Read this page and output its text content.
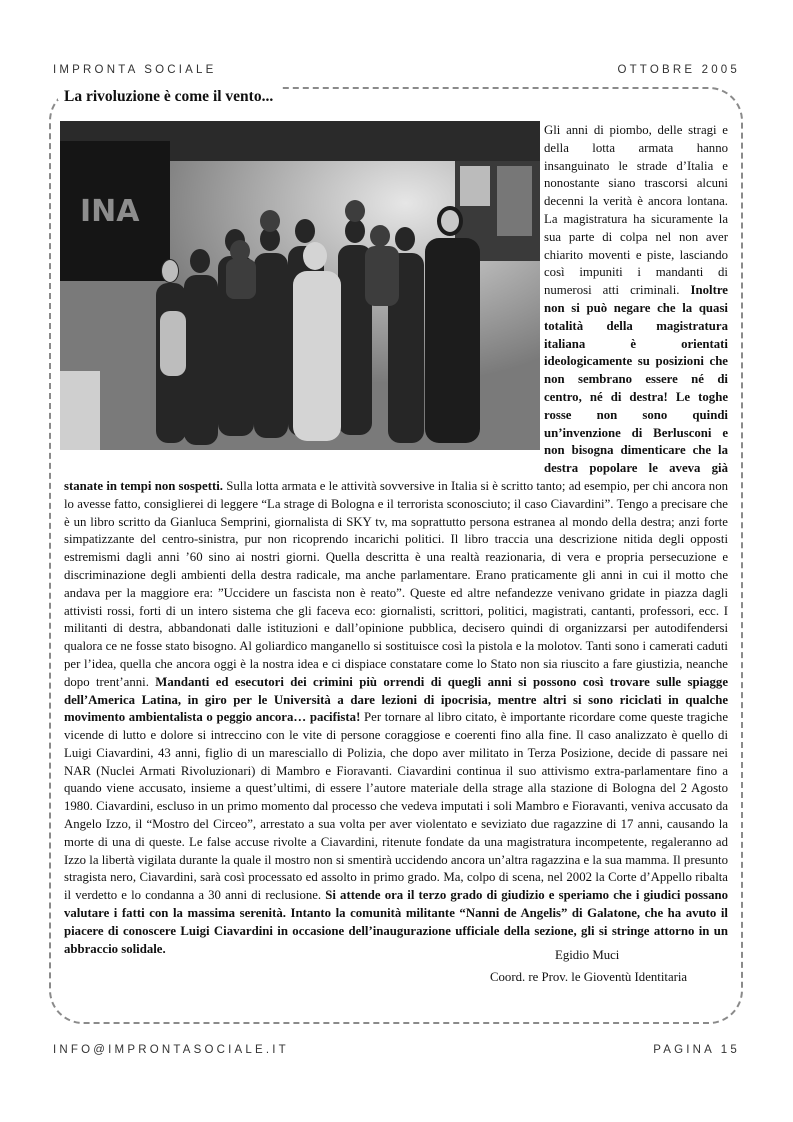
IMPRONTA SOCIALE	OTTOBRE 2005
La rivoluzione è come il vento...
INA
Gli anni di piombo, delle stragi e della lotta armata hanno insanguinato le strade d’Italia e nonostante siano trascorsi alcuni decenni la verità è ancora lontana. La magistratura ha sicuramente la sua parte di colpa nel non aver chiarito moventi e piste, lasciando così impuniti i mandanti di numerosi atti criminali. Inoltre non si può negare che la quasi totalità della magistratura italiana è orientati ideologicamente su posizioni che non sembrano essere né di centro, né di destra! Le toghe rosse non sono quindi un’invenzione di Berlusconi e non bisogna dimenticare che la destra popolare le aveva già stanate in tempi non sospetti. Sulla lotta armata e le attività sovversive in Italia si è scritto tanto; ad esempio, per chi ancora non lo avesse fatto, consiglierei di leggere “La strage di Bologna e il terrorista sconosciuto; il caso Ciavardini”. Tengo a precisare che è un libro scritto da Gianluca Semprini, giornalista di SKY tv, ma soprattutto persona estranea al mondo della destra; anzi forte simpatizzante del centro-sinistra, pur non ricoprendo incarichi politici. Il libro traccia una descrizione nitida degli opposti estremismi dagli anni ’60 sino ai nostri giorni. Quella descritta è una realtà reazionaria, di vera e propria persecuzione e discriminazione degli ambienti della destra radicale, ma anche parlamentare. Erano praticamente gli anni in cui il motto che andava per la maggiore era: ”Uccidere un fascista non è reato”. Queste ed altre nefandezze venivano gridate in piazza dagli attivisti rossi, forti di un intero sistema che gli faceva eco: giornalisti, scrittori, politici, magistrati, cantanti, professori, ecc. I militanti di destra, abbandonati dalle istituzioni e dall’opinione pubblica, decisero quindi di organizzarsi per autodifendersi qualora ce ne fosse stato bisogno. Al goliardico manganello si sostituisce così la pistola e la molotov. Tanti sono i camerati caduti per l’idea, quella che ancora oggi è la nostra idea e ci dispiace constatare come lo Stato non sia riuscito a fare giustizia, neanche dopo trent’anni. Mandanti ed esecutori dei crimini più orrendi di quegli anni si possono così trovare sulle spiagge dell’America Latina, in giro per le Università a dare lezioni di ipocrisia, mentre altri si sono riciclati in qualche movimento ambientalista o peggio ancora… pacifista! Per tornare al libro citato, è importante ricordare come queste tragiche vicende di lutto e dolore si intreccino con le vite di persone coraggiose e coerenti fino alla fine. Il caso analizzato è quello di Luigi Ciavardini, 43 anni, figlio di un maresciallo di Polizia, che dopo aver militato in Terza Posizione, decide di passare nei NAR (Nuclei Armati Rivoluzionari) di Mambro e Fioravanti. Ciavardini continua il suo attivismo extra-parlamentare fino a quando viene accusato, insieme a quest’ultimi, di essere l’autore materiale della strage alla stazione di Bologna del 2 Agosto 1980. Ciavardini, escluso in un primo momento dal processo che vedeva imputati i soli Mambro e Fioravanti, veniva accusato da Angelo Izzo, il “Mostro del Circeo”, arrestato a sua volta per aver violentato e seviziato due ragazzine di 17 anni, causando la morte di una di queste. Le false accuse rivolte a Ciavardini, ritenute fondate da una magistratura incompetente, regaleranno ad Izzo la libertà vigilata durante la quale il mostro non si smentirà uccidendo ancora un’altra ragazzina e la sua mamma. Il presunto stragista nero, Ciavardini, sarà così processato ed assolto in primo grado. Ma, colpo di scena, nel 2002 la Corte d’Appello ribalta il verdetto e lo condanna a 30 anni di reclusione. Si attende ora il terzo grado di giudizio e speriamo che i giudici possano valutare i fatti con la massima serenità. Intanto la comunità militante “Nanni de Angelis” di Galatone, che ha avuto il piacere di conoscere Luigi Ciavardini in occasione dell’inaugurazione ufficiale della sezione, gli si stringe attorno in un abbraccio solidale.	Egidio Muci
Coord. re Prov. le Gioventù Identitaria
INFO@IMPRONTASOCIALE.IT	PAGINA 15
